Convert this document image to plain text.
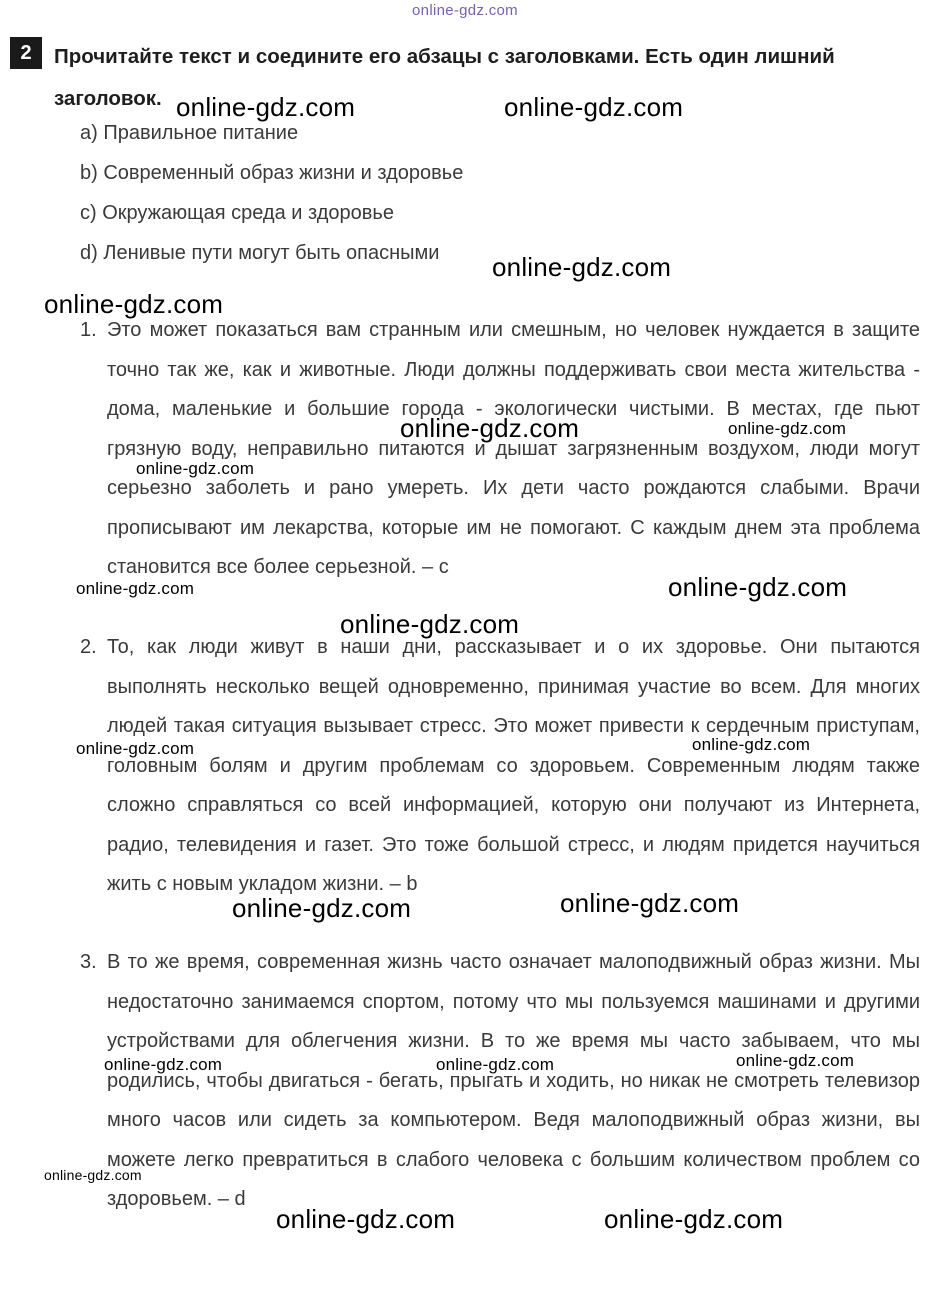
online-gdz.com
2	Прочитайте текст и соедините его абзацы с заголовками. Есть один лишний заголовок.
a) Правильное питание
b) Современный образ жизни и здоровье
c) Окружающая среда и здоровье
d) Ленивые пути могут быть опасными
1. Это может показаться вам странным или смешным, но человек нуждается в защите точно так же, как и животные. Люди должны поддерживать свои места жительства - дома, маленькие и большие города - экологически чистыми. В местах, где пьют грязную воду, неправильно питаются и дышат загрязненным воздухом, люди могут серьезно заболеть и рано умереть. Их дети часто рождаются слабыми. Врачи прописывают им лекарства, которые им не помогают. С каждым днем эта проблема становится все более серьезной. – с
2. То, как люди живут в наши дни, рассказывает и о их здоровье. Они пытаются выполнять несколько вещей одновременно, принимая участие во всем. Для многих людей такая ситуация вызывает стресс. Это может привести к сердечным приступам, головным болям и другим проблемам со здоровьем. Современным людям также сложно справляться со всей информацией, которую они получают из Интернета, радио, телевидения и газет. Это тоже большой стресс, и людям придется научиться жить с новым укладом жизни. – b
3. В то же время, современная жизнь часто означает малоподвижный образ жизни. Мы недостаточно занимаемся спортом, потому что мы пользуемся машинами и другими устройствами для облегчения жизни. В то же время мы часто забываем, что мы родились, чтобы двигаться - бегать, прыгать и ходить, но никак не смотреть телевизор много часов или сидеть за компьютером. Ведя малоподвижный образ жизни, вы можете легко превратиться в слабого человека с большим количеством проблем со здоровьем. – d
online-gdz.com	online-gdz.com
online-gdz.com
online-gdz.com
online-gdz.com	online-gdz.com
online-gdz.com
online-gdz.com	online-gdz.com
online-gdz.com
online-gdz.com
online-gdz.com
online-gdz.com
online-gdz.com
online-gdz.com
online-gdz.com	online-gdz.com
online-gdz.com
online-gdz.com	online-gdz.com
